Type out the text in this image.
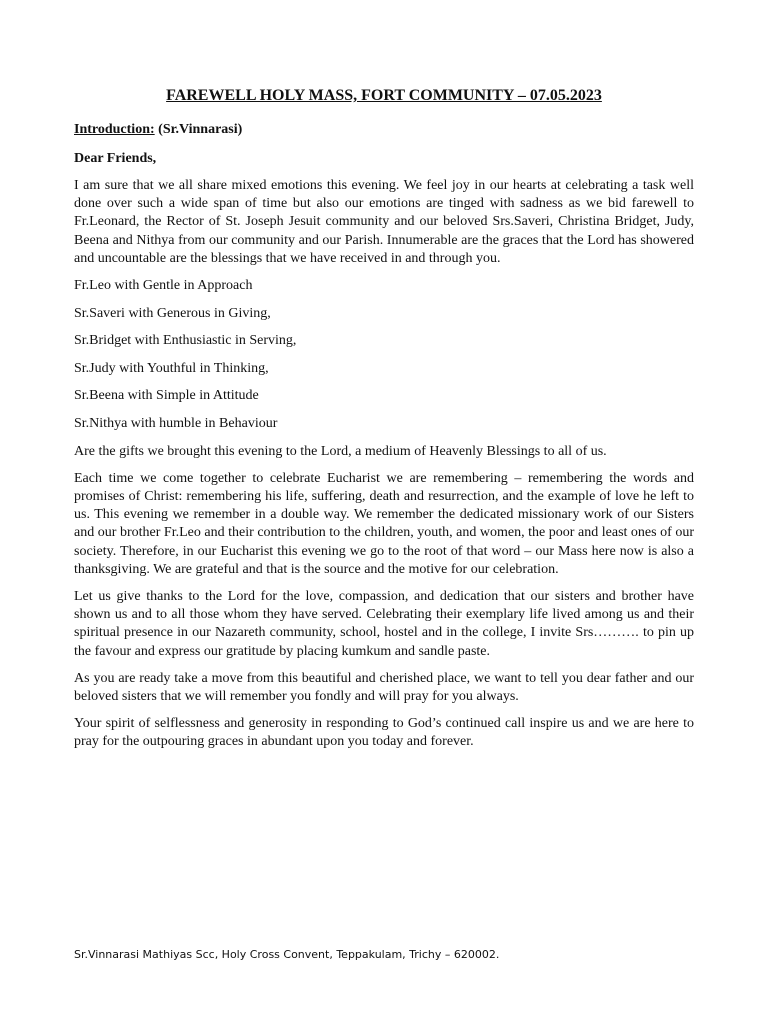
FAREWELL HOLY MASS, FORT COMMUNITY – 07.05.2023
Introduction: (Sr.Vinnarasi)
Dear Friends,

I am sure that we all share mixed emotions this evening. We feel joy in our hearts at celebrating a task well done over such a wide span of time but also our emotions are tinged with sadness as we bid farewell to Fr.Leonard, the Rector of St. Joseph Jesuit community and our beloved Srs.Saveri, Christina Bridget, Judy, Beena and Nithya from our community and our Parish. Innumerable are the graces that the Lord has showered and uncountable are the blessings that we have received in and through you.

Fr.Leo with Gentle in Approach
Sr.Saveri with Generous in Giving,
Sr.Bridget with Enthusiastic in Serving,
Sr.Judy with Youthful in Thinking,
Sr.Beena with Simple in Attitude
Sr.Nithya with humble in Behaviour

Are the gifts we brought this evening to the Lord, a medium of Heavenly Blessings to all of us.

Each time we come together to celebrate Eucharist we are remembering – remembering the words and promises of Christ: remembering his life, suffering, death and resurrection, and the example of love he left to us. This evening we remember in a double way. We remember the dedicated missionary work of our Sisters and our brother Fr.Leo and their contribution to the children, youth, and women, the poor and least ones of our society. Therefore, in our Eucharist this evening we go to the root of that word – our Mass here now is also a thanksgiving. We are grateful and that is the source and the motive for our celebration.

Let us give thanks to the Lord for the love, compassion, and dedication that our sisters and brother have shown us and to all those whom they have served. Celebrating their exemplary life lived among us and their spiritual presence in our Nazareth community, school, hostel and in the college, I invite Srs………. to pin up the favour and express our gratitude by placing kumkum and sandle paste.

As you are ready take a move from this beautiful and cherished place, we want to tell you dear father and our beloved sisters that we will remember you fondly and will pray for you always.

Your spirit of selflessness and generosity in responding to God’s continued call inspire us and we are here to pray for the outpouring graces in abundant upon you today and forever.

Sr.Vinnarasi Mathiyas Scc, Holy Cross Convent, Teppakulam, Trichy – 620002.
